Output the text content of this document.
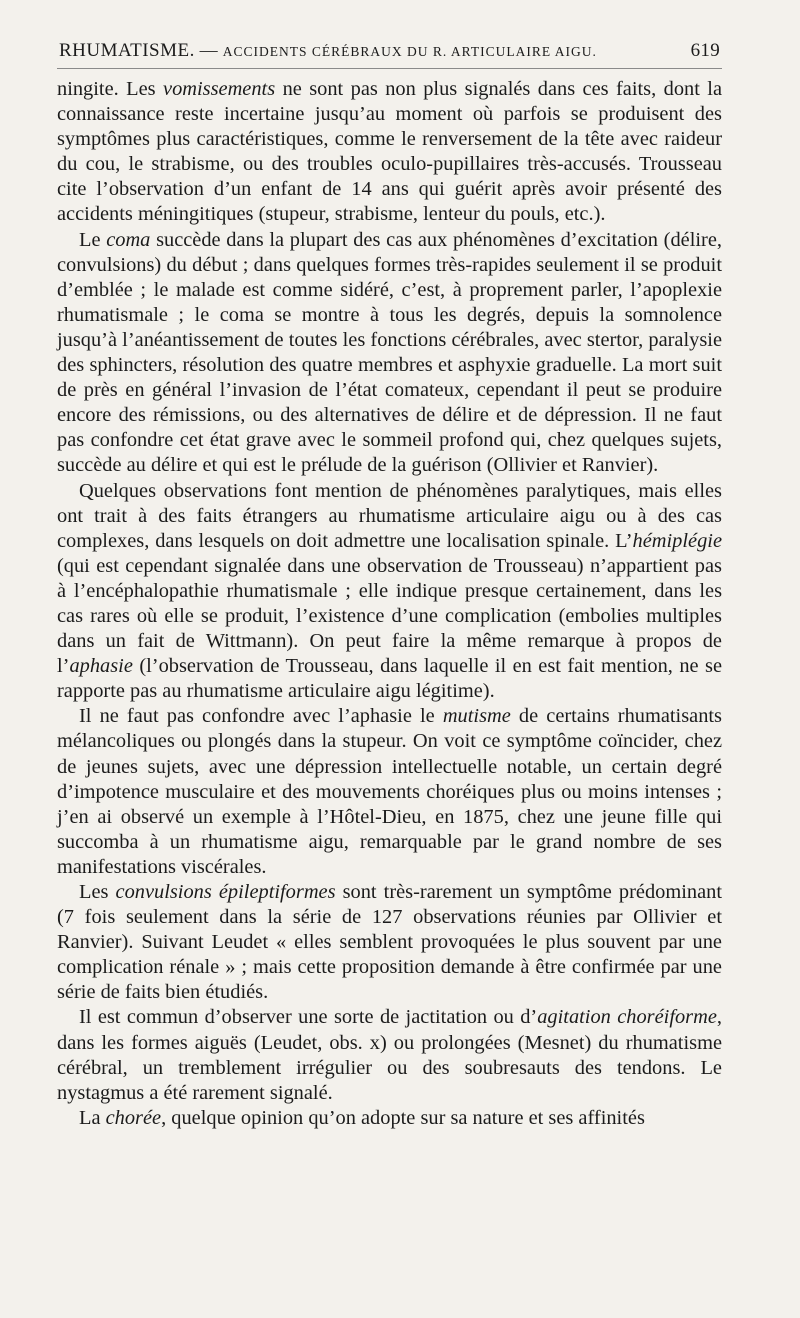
RHUMATISME. — ACCIDENTS CÉRÉBRAUX DU R. ARTICULAIRE AIGU.	619

ningite. Les vomissements ne sont pas non plus signalés dans ces faits, dont la connaissance reste incertaine jusqu’au moment où parfois se produisent des symptômes plus caractéristiques, comme le renversement de la tête avec raideur du cou, le strabisme, ou des troubles oculo-pupillaires très-accusés. Trousseau cite l’observation d’un enfant de 14 ans qui guérit après avoir présenté des accidents méningitiques (stupeur, strabisme, lenteur du pouls, etc.).

Le coma succède dans la plupart des cas aux phénomènes d’excitation (délire, convulsions) du début ; dans quelques formes très-rapides seulement il se produit d’emblée ; le malade est comme sidéré, c’est, à proprement parler, l’apoplexie rhumatismale ; le coma se montre à tous les degrés, depuis la somnolence jusqu’à l’anéantissement de toutes les fonctions cérébrales, avec stertor, paralysie des sphincters, résolution des quatre membres et asphyxie graduelle. La mort suit de près en général l’invasion de l’état comateux, cependant il peut se produire encore des rémissions, ou des alternatives de délire et de dépression. Il ne faut pas confondre cet état grave avec le sommeil profond qui, chez quelques sujets, succède au délire et qui est le prélude de la guérison (Ollivier et Ranvier).

Quelques observations font mention de phénomènes paralytiques, mais elles ont trait à des faits étrangers au rhumatisme articulaire aigu ou à des cas complexes, dans lesquels on doit admettre une localisation spinale. L’hémiplégie (qui est cependant signalée dans une observation de Trousseau) n’appartient pas à l’encéphalopathie rhumatismale ; elle indique presque certainement, dans les cas rares où elle se produit, l’existence d’une complication (embolies multiples dans un fait de Wittmann). On peut faire la même remarque à propos de l’aphasie (l’observation de Trousseau, dans laquelle il en est fait mention, ne se rapporte pas au rhumatisme articulaire aigu légitime).

Il ne faut pas confondre avec l’aphasie le mutisme de certains rhumatisants mélancoliques ou plongés dans la stupeur. On voit ce symptôme coïncider, chez de jeunes sujets, avec une dépression intellectuelle notable, un certain degré d’impotence musculaire et des mouvements choréiques plus ou moins intenses ; j’en ai observé un exemple à l’Hôtel-Dieu, en 1875, chez une jeune fille qui succomba à un rhumatisme aigu, remarquable par le grand nombre de ses manifestations viscérales.

Les convulsions épileptiformes sont très-rarement un symptôme prédominant (7 fois seulement dans la série de 127 observations réunies par Ollivier et Ranvier). Suivant Leudet « elles semblent provoquées le plus souvent par une complication rénale » ; mais cette proposition demande à être confirmée par une série de faits bien étudiés.

Il est commun d’observer une sorte de jactitation ou d’agitation choréiforme, dans les formes aiguës (Leudet, obs. x) ou prolongées (Mesnet) du rhumatisme cérébral, un tremblement irrégulier ou des soubresauts des tendons. Le nystagmus a été rarement signalé.

La chorée, quelque opinion qu’on adopte sur sa nature et ses affinités
